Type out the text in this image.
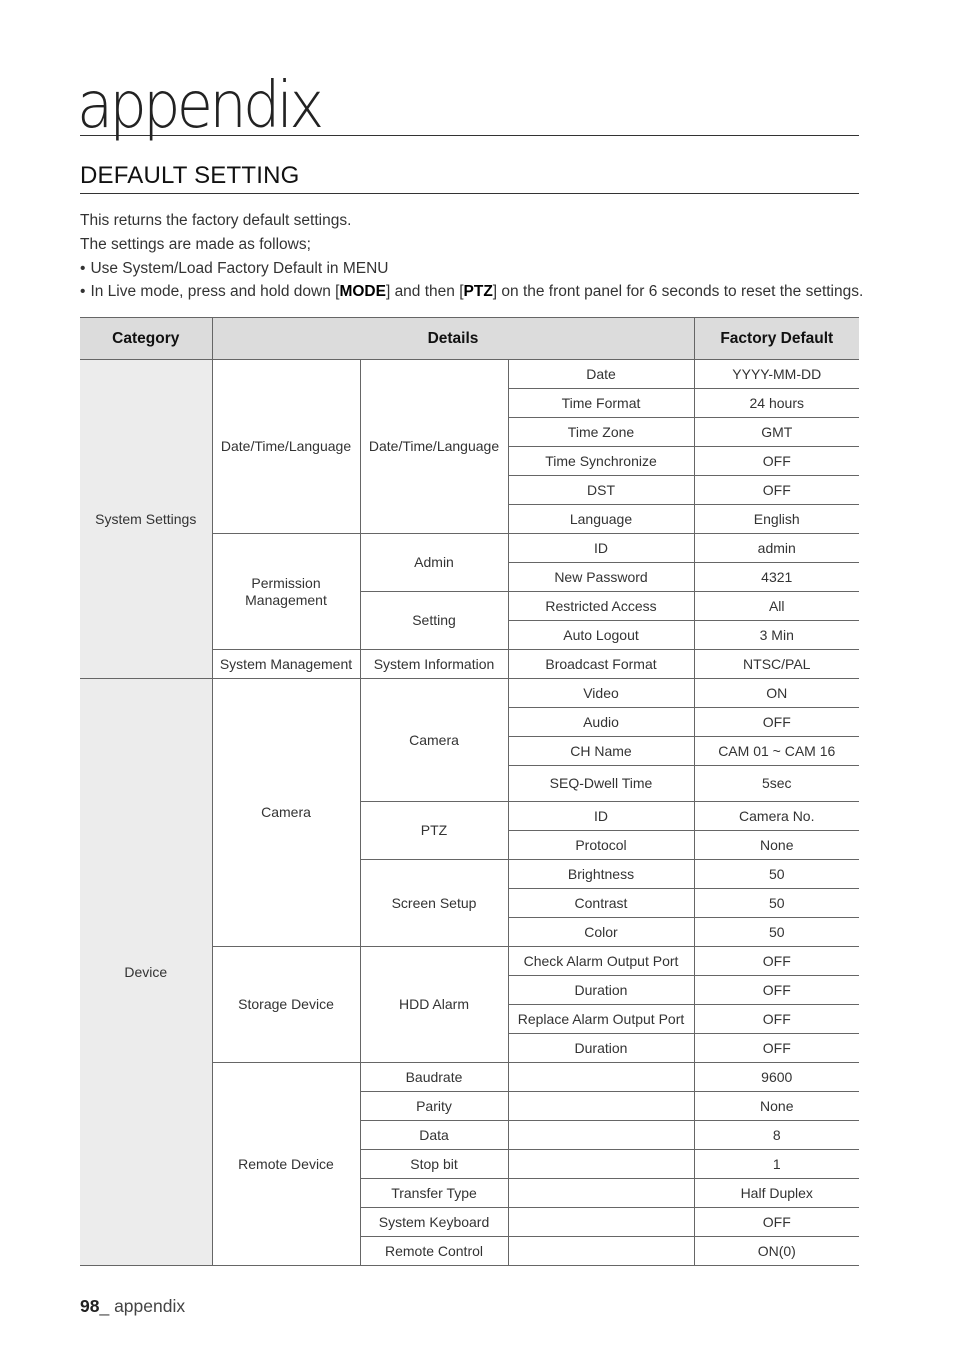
appendix
DEFAULT SETTING

This returns the factory default settings.

The settings are made as follows;

• Use System/Load Factory Default in MENU
• In Live mode, press and hold down [MODE] and then [PTZ] on the front panel for 6 seconds to reset the settings.
Category	Details			Factory Default
System Settings	Date/Time/Language	Date/Time/Language	Date	YYYY-MM-DD
			Time Format	24 hours
			Time Zone	GMT
			Time Synchronize	OFF
			DST	OFF
			Language	English
	Permission Management	Admin	ID	admin
			New Password	4321
		Setting	Restricted Access	All
			Auto Logout	3 Min
	System Management	System Information	Broadcast Format	NTSC/PAL
Device	Camera	Camera	Video	ON
			Audio	OFF
			CH Name	CAM 01 ~ CAM 16
			SEQ-Dwell Time	5sec
		PTZ	ID	Camera No.
			Protocol	None
		Screen Setup	Brightness	50
			Contrast	50
			Color	50
	Storage Device	HDD Alarm	Check Alarm Output Port	OFF
			Duration	OFF
			Replace Alarm Output Port	OFF
			Duration	OFF
	Remote Device	Baudrate		9600
		Parity		None
		Data		8
		Stop bit		1
		Transfer Type		Half Duplex
		System Keyboard		OFF
		Remote Control		ON(0)
98_ appendix
